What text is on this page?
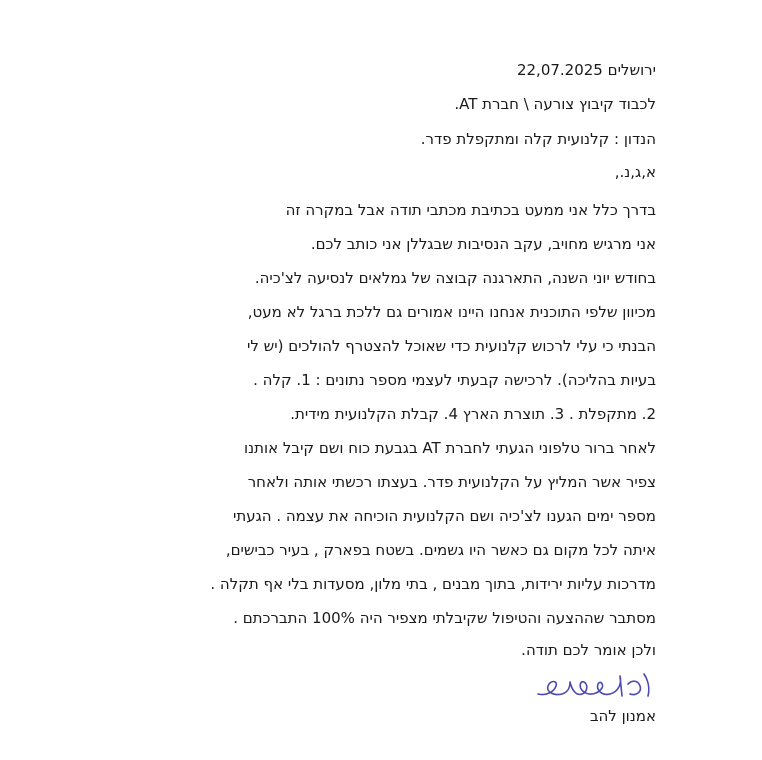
ירושלים 22,07.2025
לכבוד קיבוץ צורעה \ חברת AT.
הנדון : קלנועית קלה ומתקפלת פדר.
א,ג,נ.,
בדרך כלל אני ממעט בכתיבת מכתבי תודה אבל במקרה זה
אני מרגיש מחויב, עקב הנסיבות שבגללן אני כותב לכם.
בחודש יוני השנה, התארגנה קבוצה של גמלאים לנסיעה לצ'כיה.
מכיוון שלפי התוכנית אנחנו היינו אמורים גם ללכת ברגל לא מעט,
הבנתי כי עלי לרכוש קלנועית כדי שאוכל להצטרף להולכים (יש לי
בעיות בהליכה). לרכישה קבעתי לעצמי מספר נתונים : 1. קלה .
2. מתקפלת . 3. תוצרת הארץ 4. קבלת הקלנועית מידית.
לאחר ברור טלפוני הגעתי לחברת AT בגבעת כוח ושם קיבל אותנו
צפיר אשר המליץ על הקלנועית פדר. בעצתו רכשתי אותה ולאחר
מספר ימים הגענו לצ'כיה ושם הקלנועית הוכיחה את עצמה . הגעתי
איתה לכל מקום גם כאשר היו גשמים. בשטח בפארק , בעיר כבישים,
מדרכות עליות ירידות, בתוך מבנים , בתי מלון, מסעדות בלי אף תקלה .
מסתבר שההצעה והטיפול שקיבלתי מצפיר היה 100% התברכתם .
ולכן אומר לכם תודה.
אמנון להב
